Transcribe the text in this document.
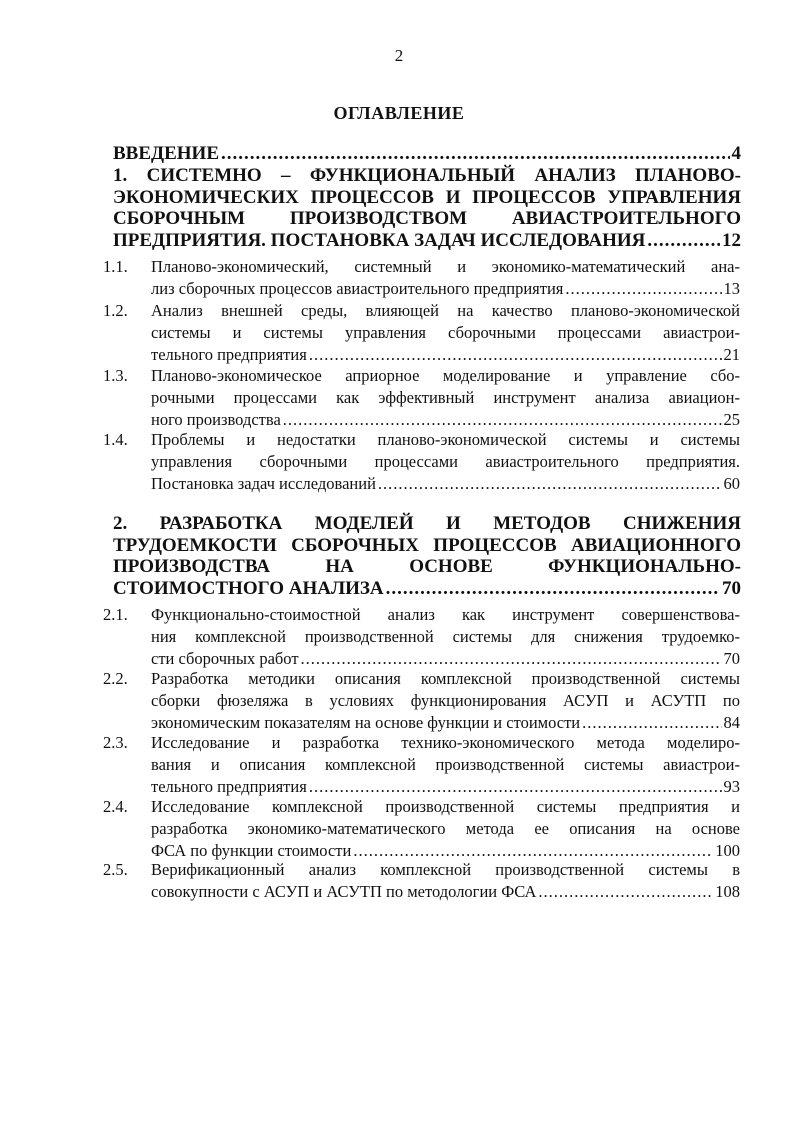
2
ОГЛАВЛЕНИЕ
ВВЕДЕНИЕ .....	4
1. СИСТЕМНО – ФУНКЦИОНАЛЬНЫЙ АНАЛИЗ ПЛАНОВО-
ЭКОНОМИЧЕСКИХ ПРОЦЕССОВ И ПРОЦЕССОВ УПРАВЛЕНИЯ
СБОРОЧНЫМ ПРОИЗВОДСТВОМ АВИАСТРОИТЕЛЬНОГО
ПРЕДПРИЯТИЯ. ПОСТАНОВКА ЗАДАЧ ИССЛЕДОВАНИЯ .....	12
1.1. Планово-экономический, системный и экономико-математический ана-
лиз сборочных процессов авиастроительного предприятия .....	13
1.2. Анализ внешней среды, влияющей на качество планово-экономической
системы и системы управления сборочными процессами авиастрои-
тельного предприятия .....	21
1.3. Планово-экономическое априорное моделирование и управление сбо-
рочными процессами как эффективный инструмент анализа авиацион-
ного производства .....	25
1.4. Проблемы и недостатки планово-экономической системы и системы
управления сборочными процессами авиастроительного предприятия.
Постановка задач исследований .....	60
2. РАЗРАБОТКА МОДЕЛЕЙ И МЕТОДОВ СНИЖЕНИЯ
ТРУДОЕМКОСТИ СБОРОЧНЫХ ПРОЦЕССОВ АВИАЦИОННОГО
ПРОИЗВОДСТВА НА ОСНОВЕ ФУНКЦИОНАЛЬНО-
СТОИМОСТНОГО АНАЛИЗА .....	70
2.1. Функционально-стоимостной анализ как инструмент совершенствова-
ния комплексной производственной системы для снижения трудоемко-
сти сборочных работ .....	70
2.2. Разработка методики описания комплексной производственной системы
сборки фюзеляжа в условиях функционирования АСУП и АСУТП по
экономическим показателям на основе функции и стоимости .....	84
2.3. Исследование и разработка технико-экономического метода моделиро-
вания и описания комплексной производственной системы авиастрои-
тельного предприятия .....	93
2.4. Исследование комплексной производственной системы предприятия и
разработка экономико-математического метода ее описания на основе
ФСА по функции стоимости .....	100
2.5. Верификационный анализ комплексной производственной системы в
совокупности с АСУП и АСУТП по методологии ФСА .....	108
